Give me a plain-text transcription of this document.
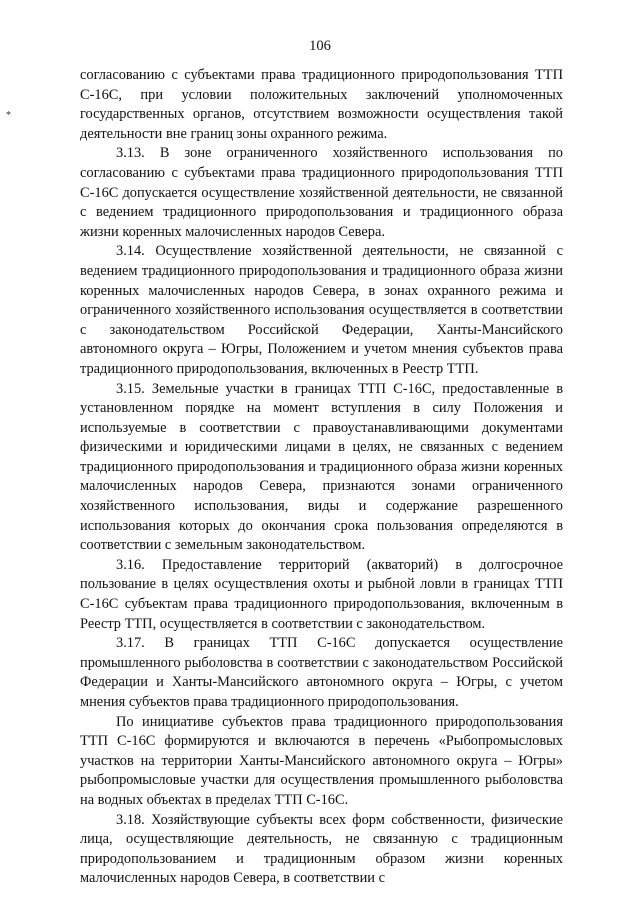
106
*

согласованию с субъектами права традиционного природопользования ТТП С-16С, при условии положительных заключений уполномоченных государственных органов, отсутствием возможности осуществления такой деятельности вне границ зоны охранного режима.

3.13. В зоне ограниченного хозяйственного использования по согласованию с субъектами права традиционного природопользования ТТП С-16С допускается осуществление хозяйственной деятельности, не связанной с ведением традиционного природопользования и традиционного образа жизни коренных малочисленных народов Севера.

3.14. Осуществление хозяйственной деятельности, не связанной с ведением традиционного природопользования и традиционного образа жизни коренных малочисленных народов Севера, в зонах охранного режима и ограниченного хозяйственного использования осуществляется в соответствии с законодательством Российской Федерации, Ханты-Мансийского автономного округа – Югры, Положением и учетом мнения субъектов права традиционного природопользования, включенных в Реестр ТТП.

3.15. Земельные участки в границах ТТП С-16С, предоставленные в установленном порядке на момент вступления в силу Положения и используемые в соответствии с правоустанавливающими документами физическими и юридическими лицами в целях, не связанных с ведением традиционного природопользования и традиционного образа жизни коренных малочисленных народов Севера, признаются зонами ограниченного хозяйственного использования, виды и содержание разрешенного использования которых до окончания срока пользования определяются в соответствии с земельным законодательством.

3.16. Предоставление территорий (акваторий) в долгосрочное пользование в целях осуществления охоты и рыбной ловли в границах ТТП С-16С субъектам права традиционного природопользования, включенным в Реестр ТТП, осуществляется в соответствии с законодательством.

3.17. В границах ТТП С-16С допускается осуществление промышленного рыболовства в соответствии с законодательством Российской Федерации и Ханты-Мансийского автономного округа – Югры, с учетом мнения субъектов права традиционного природопользования.

По инициативе субъектов права традиционного природопользования ТТП С-16С формируются и включаются в перечень «Рыбопромысловых участков на территории Ханты-Мансийского автономного округа – Югры» рыбопромысловые участки для осуществления промышленного рыболовства на водных объектах в пределах ТТП С-16С.

3.18. Хозяйствующие субъекты всех форм собственности, физические лица, осуществляющие деятельность, не связанную с традиционным природопользованием и традиционным образом жизни коренных малочисленных народов Севера, в соответствии с
